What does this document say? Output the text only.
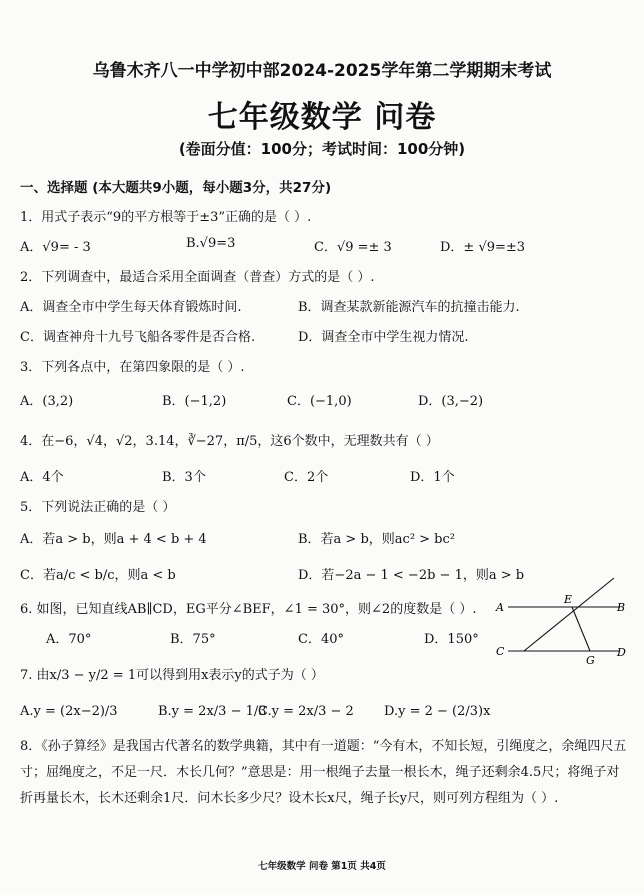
乌鲁木齐八一中学初中部2024-2025学年第二学期期末考试
七年级数学 问卷
(卷面分值：100分；考试时间：100分钟)
一、选择题 (本大题共9小题，每小题3分，共27分)
1．用式子表示“9的平方根等于±3”正确的是（ ）.
A．√9= - 3	B.√9=3	C．√9 =± 3	D．± √9=±3
2．下列调查中，最适合采用全面调查（普查）方式的是（ ）.
A．调查全市中学生每天体育锻炼时间.	B．调查某款新能源汽车的抗撞击能力.
C．调查神舟十九号飞船各零件是否合格.	D．调查全市中学生视力情况.
3．下列各点中，在第四象限的是（ ）.
A．(3,2)	B．(−1,2)	C．(−1,0)	D．(3,−2)
4．在−6，√4，√2，3.14，∛−27，π/5，这6个数中，无理数共有（ ）
A．4个	B．3个	C．2个	D．1个
5．下列说法正确的是（ ）
A．若a > b，则a + 4 < b + 4	B．若a > b，则ac² > bc²
C．若a/c < b/c，则a < b	D．若−2a − 1 < −2b − 1，则a > b
6. 如图，已知直线AB∥CD，EG平分∠BEF，∠1 = 30°，则∠2的度数是（ ）.
A．70°	B．75°	C．40°	D．150°
A	B
C	D
E
G
7. 由x/3 − y/2 = 1可以得到用x表示y的式子为（ ）
A.y = (2x−2)/3	B.y = 2x/3 − 1/3
C.y = 2x/3 − 2 D.y = 2 − (2/3)x
8．《孙子算经》是我国古代著名的数学典籍，其中有一道题：“今有木，不知长短，引绳度之，余绳四尺五寸；屈绳度之，不足一尺．木长几何？”意思是：用一根绳子去量一根长木，绳子还剩余4.5尺；将绳子对折再量长木，长木还剩余1尺．问木长多少尺？设木长x尺，绳子长y尺，则可列方程组为（ ）.
七年级数学 问卷 第1页 共4页
